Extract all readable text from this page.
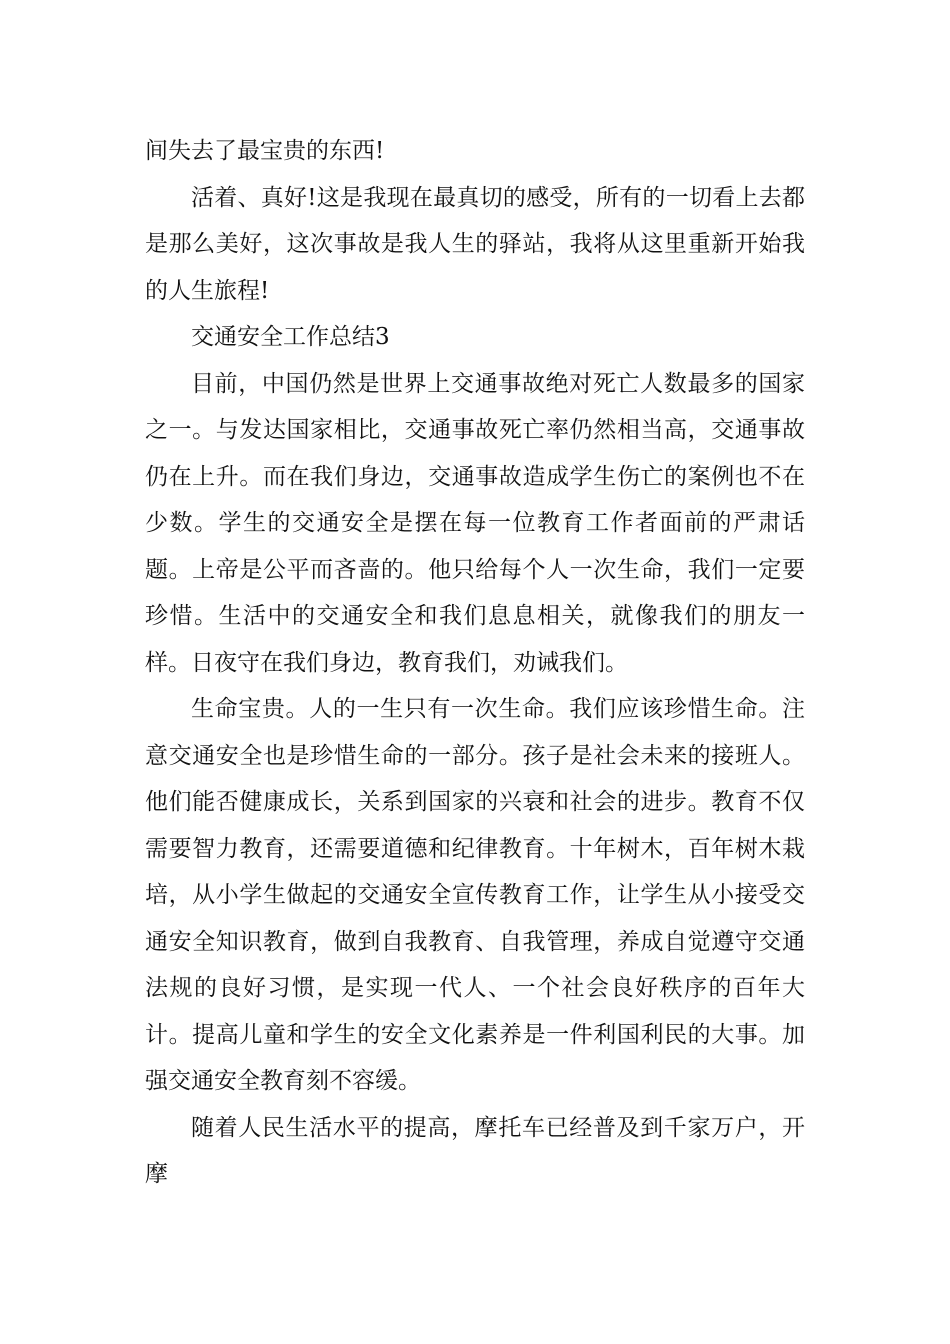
间失去了最宝贵的东西!

活着、真好!这是我现在最真切的感受，所有的一切看上去都是那么美好，这次事故是我人生的驿站，我将从这里重新开始我的人生旅程!

交通安全工作总结3

目前，中国仍然是世界上交通事故绝对死亡人数最多的国家之一。与发达国家相比，交通事故死亡率仍然相当高，交通事故仍在上升。而在我们身边，交通事故造成学生伤亡的案例也不在少数。学生的交通安全是摆在每一位教育工作者面前的严肃话题。上帝是公平而吝啬的。他只给每个人一次生命，我们一定要珍惜。生活中的交通安全和我们息息相关，就像我们的朋友一样。日夜守在我们身边，教育我们，劝诫我们。

生命宝贵。人的一生只有一次生命。我们应该珍惜生命。注意交通安全也是珍惜生命的一部分。孩子是社会未来的接班人。他们能否健康成长，关系到国家的兴衰和社会的进步。教育不仅需要智力教育，还需要道德和纪律教育。十年树木，百年树木栽培，从小学生做起的交通安全宣传教育工作，让学生从小接受交通安全知识教育，做到自我教育、自我管理，养成自觉遵守交通法规的良好习惯，是实现一代人、一个社会良好秩序的百年大计。提高儿童和学生的安全文化素养是一件利国利民的大事。加强交通安全教育刻不容缓。

随着人民生活水平的提高，摩托车已经普及到千家万户，开摩
